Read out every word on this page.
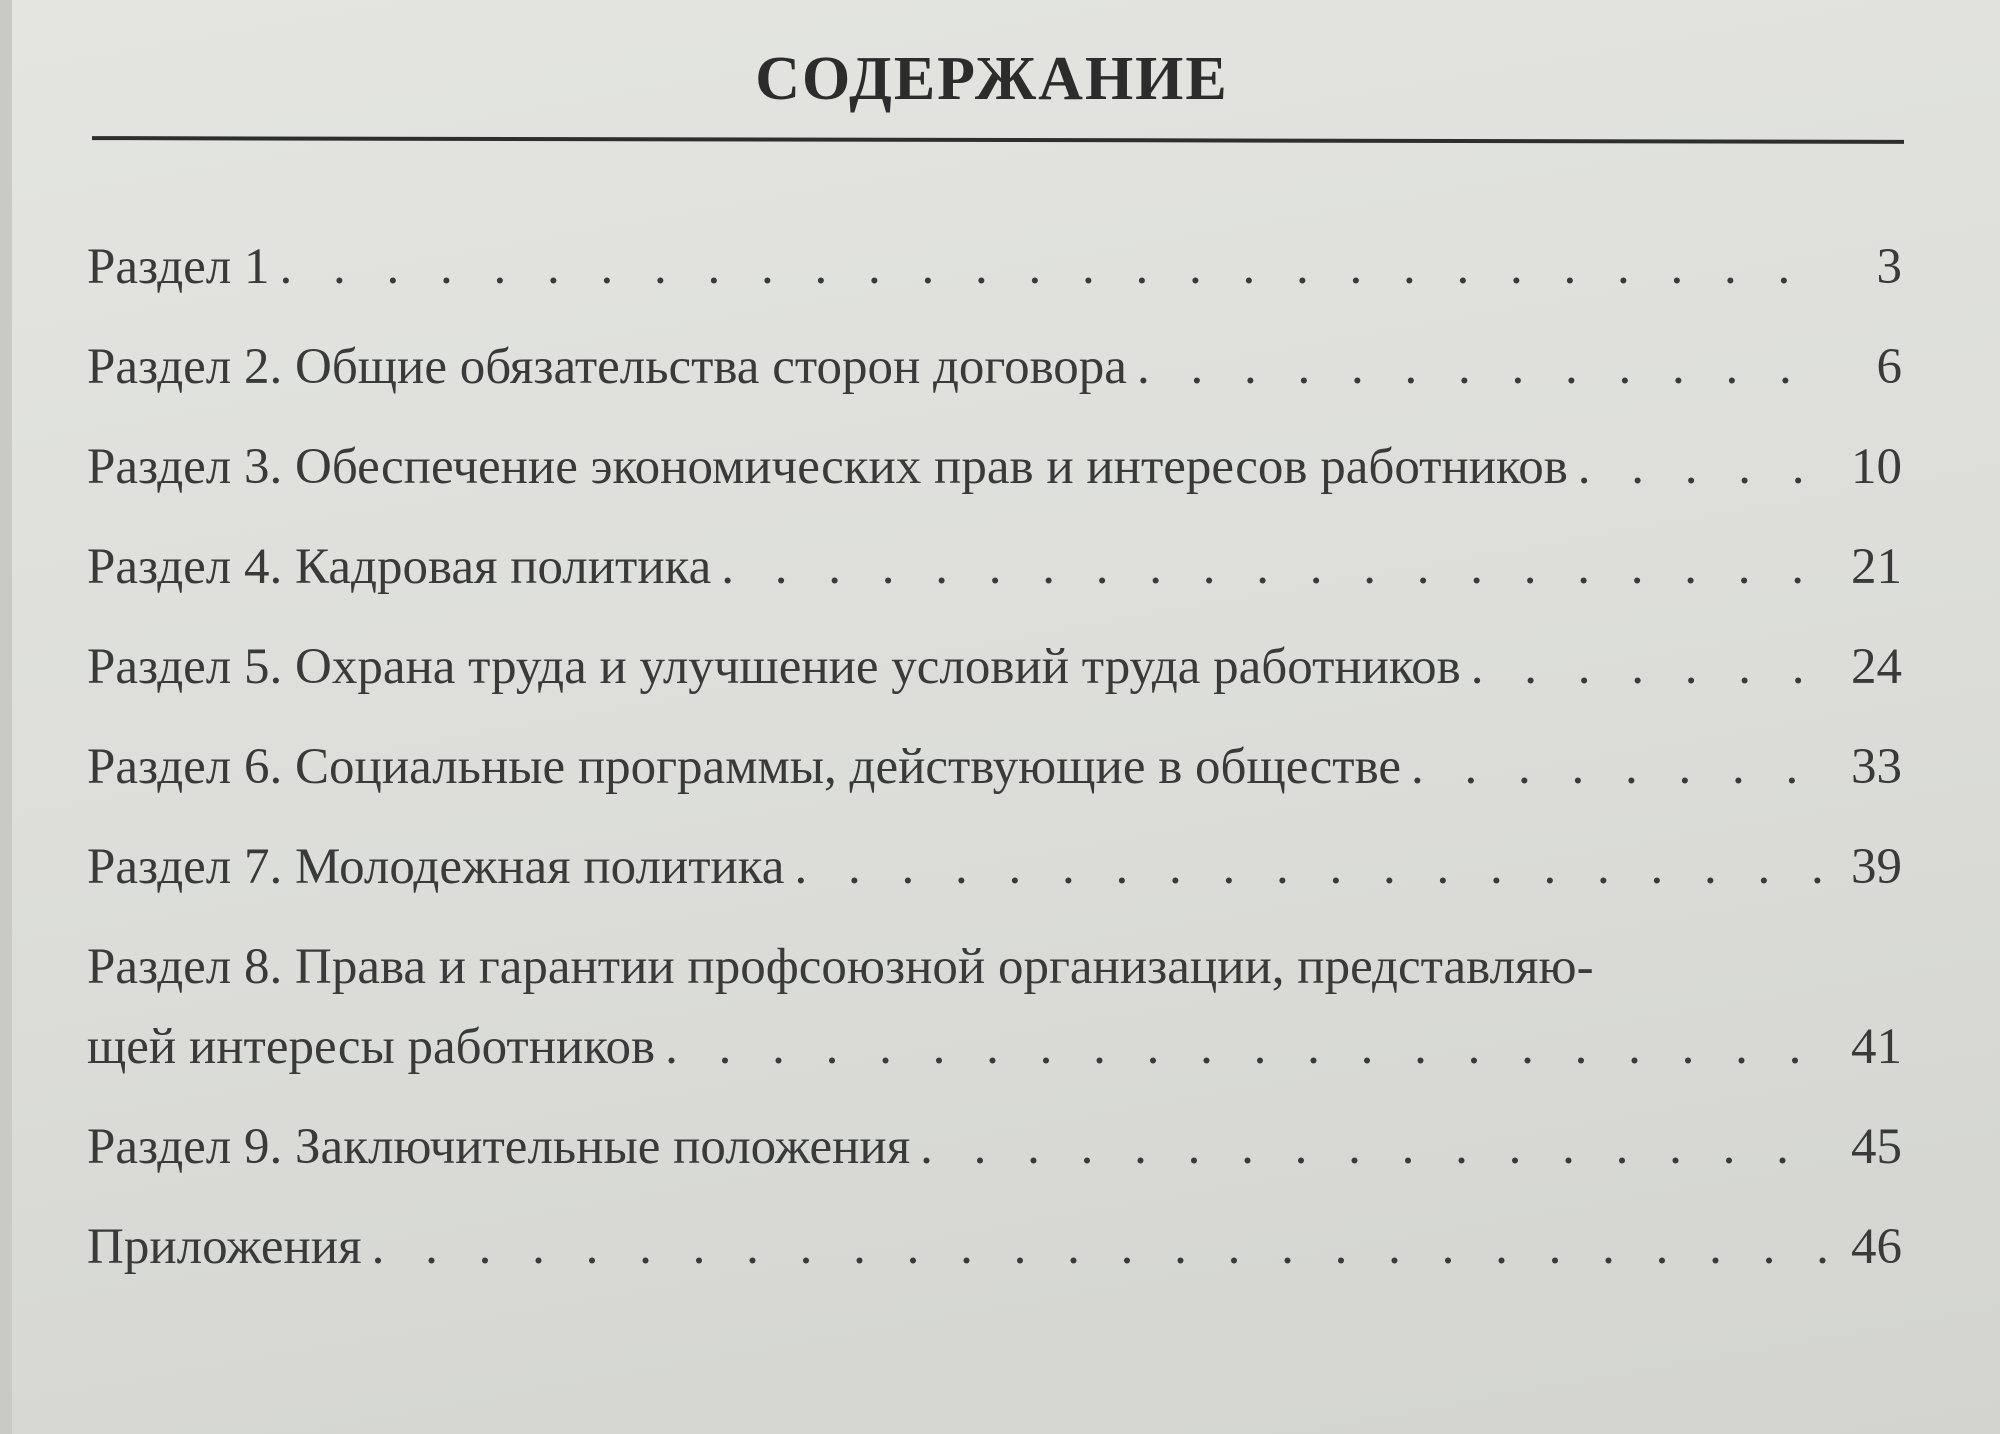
СОДЕРЖАНИЕ
Раздел 1 . . .	3
Раздел 2. Общие обязательства сторон договора . . .	6
Раздел 3. Обеспечение экономических прав и интересов работников . . .	10
Раздел 4. Кадровая политика . . .	21
Раздел 5. Охрана труда и улучшение условий труда работников . . .	24
Раздел 6. Социальные программы, действующие в обществе . . .	33
Раздел 7. Молодежная политика . . .	39
Раздел 8. Права и гарантии профсоюзной организации, представляю-
щей интересы работников . . .	41
Раздел 9. Заключительные положения . . .	45
Приложения . . .	46
